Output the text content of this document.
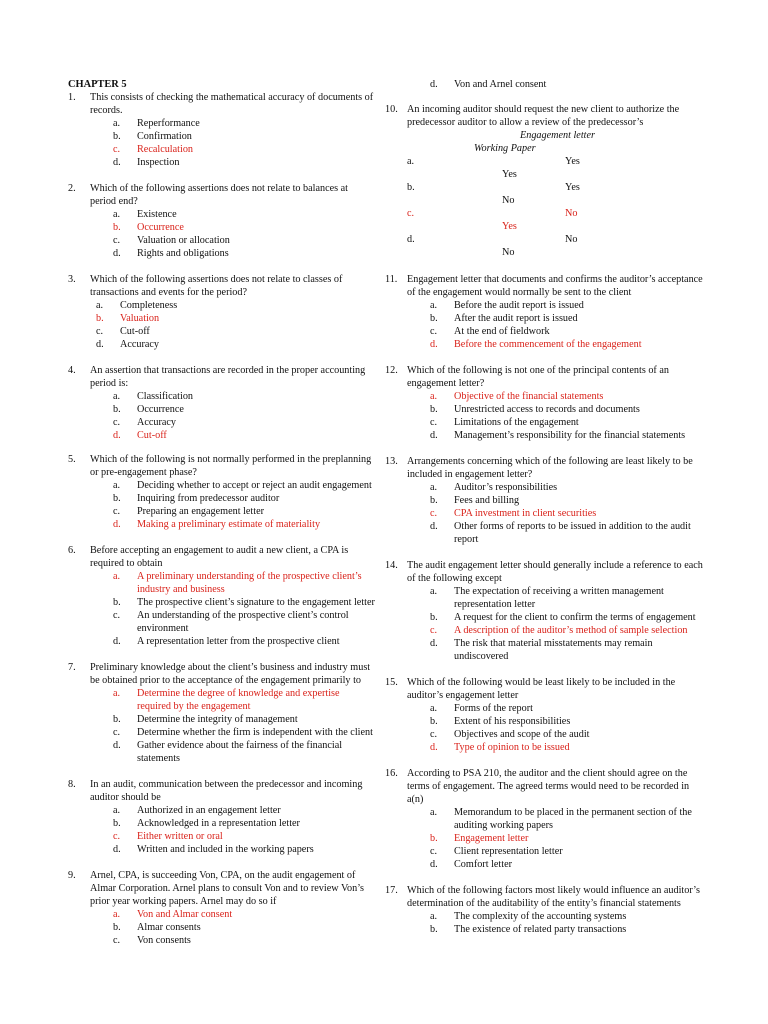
CHAPTER 5
1.	This consists of checking the mathematical accuracy of documents of records.
a.	Reperformance
b.	Confirmation
c.	Recalculation
d.	Inspection
2.	Which of the following assertions does not relate to balances at period end?
a.	Existence
b.	Occurrence
c.	Valuation or allocation
d.	Rights and obligations
3.	Which of the following assertions does not relate to classes of transactions and events for the period?
a.	Completeness
b.	Valuation
c.	Cut-off
d.	Accuracy
4.	An assertion that transactions are recorded in the proper accounting period is:
a.	Classification
b.	Occurrence
c.	Accuracy
d.	Cut-off
5.	Which of the following is not normally performed in the preplanning or pre-engagement phase?
a.	Deciding whether to accept or reject an audit engagement
b.	Inquiring from predecessor auditor
c.	Preparing an engagement letter
d.	Making a preliminary estimate of materiality
6.	Before accepting an engagement to audit a new client, a CPA is required to obtain
a.	A preliminary understanding of the prospective client’s industry and business
b.	The prospective client’s signature to the engagement letter
c.	An understanding of the prospective client’s control environment
d.	A representation letter from the prospective client
7.	Preliminary knowledge about the client’s business and industry must be obtained prior to the acceptance of the engagement primarily to
a.	Determine the degree of knowledge and expertise required by the engagement
b.	Determine the integrity of management
c.	Determine whether the firm is independent with the client
d.	Gather evidence about the fairness of the financial statements
8.	In an audit, communication between the predecessor and incoming auditor should be
a.	Authorized in an engagement letter
b.	Acknowledged in a representation letter
c.	Either written or oral
d.	Written and included in the working papers
9.	Arnel, CPA, is succeeding Von, CPA, on the audit engagement of Almar Corporation. Arnel plans to consult Von and to review Von’s prior year working papers. Arnel may do so if
a.	Von and Almar consent
b.	Almar consents
c.	Von consents
d.	Von and Arnel consent
10. An incoming auditor should request the new client to authorize the predecessor auditor to allow a review of the predecessor’s
Engagement letter
Working Paper
a.	Yes
Yes
b.	Yes
No
c.	No
Yes
d.	No
No
11. Engagement letter that documents and confirms the auditor’s acceptance of the engagement would normally be sent to the client
a.	Before the audit report is issued
b.	After the audit report is issued
c.	At the end of fieldwork
d.	Before the commencement of the engagement
12. Which of the following is not one of the principal contents of an engagement letter?
a.	Objective of the financial statements
b.	Unrestricted access to records and documents
c.	Limitations of the engagement
d.	Management’s responsibility for the financial statements
13. Arrangements concerning which of the following are least likely to be included in engagement letter?
a.	Auditor’s responsibilities
b.	Fees and billing
c.	CPA investment in client securities
d.	Other forms of reports to be issued in addition to the audit report
14. The audit engagement letter should generally include a reference to each of the following except
a.	The expectation of receiving a written management representation letter
b.	A request for the client to confirm the terms of engagement
c.	A description of the auditor’s method of sample selection
d.	The risk that material misstatements may remain undiscovered
15. Which of the following would be least likely to be included in the auditor’s engagement letter
a.	Forms of the report
b.	Extent of his responsibilities
c.	Objectives and scope of the audit
d.	Type of opinion to be issued
16. According to PSA 210, the auditor and the client should agree on the terms of engagement. The agreed terms would need to be recorded in a(n)
a.	Memorandum to be placed in the permanent section of the auditing working papers
b.	Engagement letter
c.	Client representation letter
d.	Comfort letter
17. Which of the following factors most likely would influence an auditor’s determination of the auditability of the entity’s financial statements
a.	The complexity of the accounting systems
b.	The existence of related party transactions
